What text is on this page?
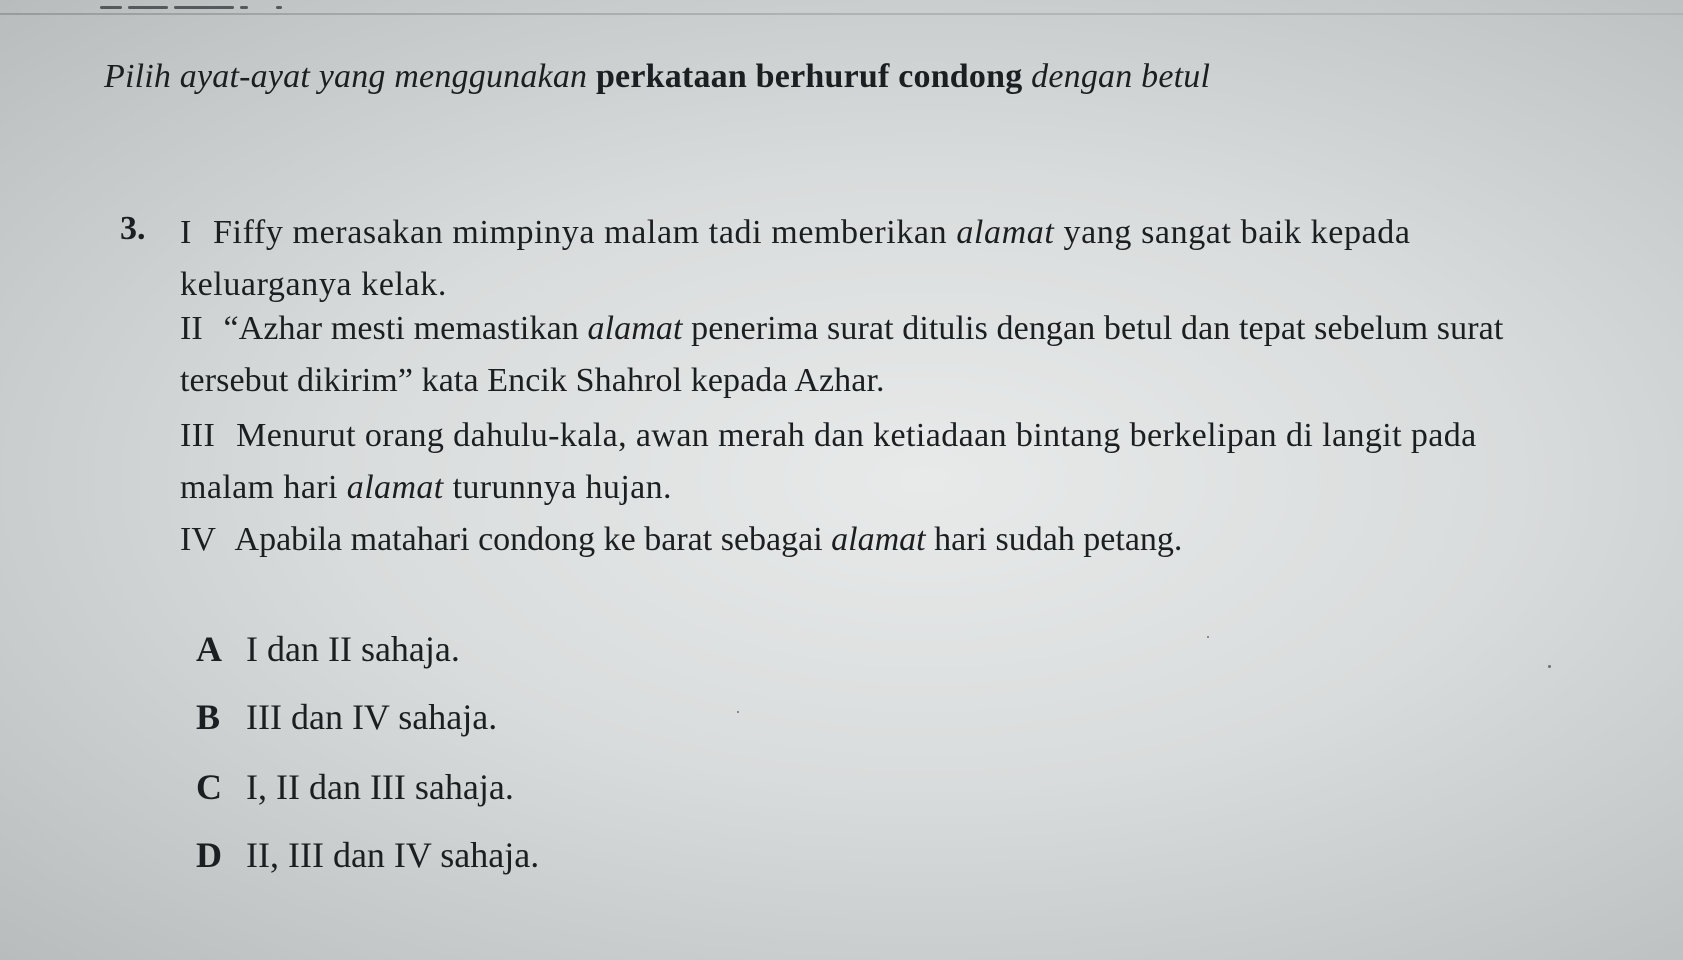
Pilih ayat-ayat yang menggunakan perkataan berhuruf condong dengan betul
3. I Fiffy merasakan mimpinya malam tadi memberikan alamat yang sangat baik kepada keluarganya kelak.
II “Azhar mesti memastikan alamat penerima surat ditulis dengan betul dan tepat sebelum surat tersebut dikirim” kata Encik Shahrol kepada Azhar.
III Menurut orang dahulu-kala, awan merah dan ketiadaan bintang berkelipan di langit pada malam hari alamat turunnya hujan.
IV Apabila matahari condong ke barat sebagai alamat hari sudah petang.
A I dan II sahaja.
B III dan IV sahaja.
C I, II dan III sahaja.
D II, III dan IV sahaja.
